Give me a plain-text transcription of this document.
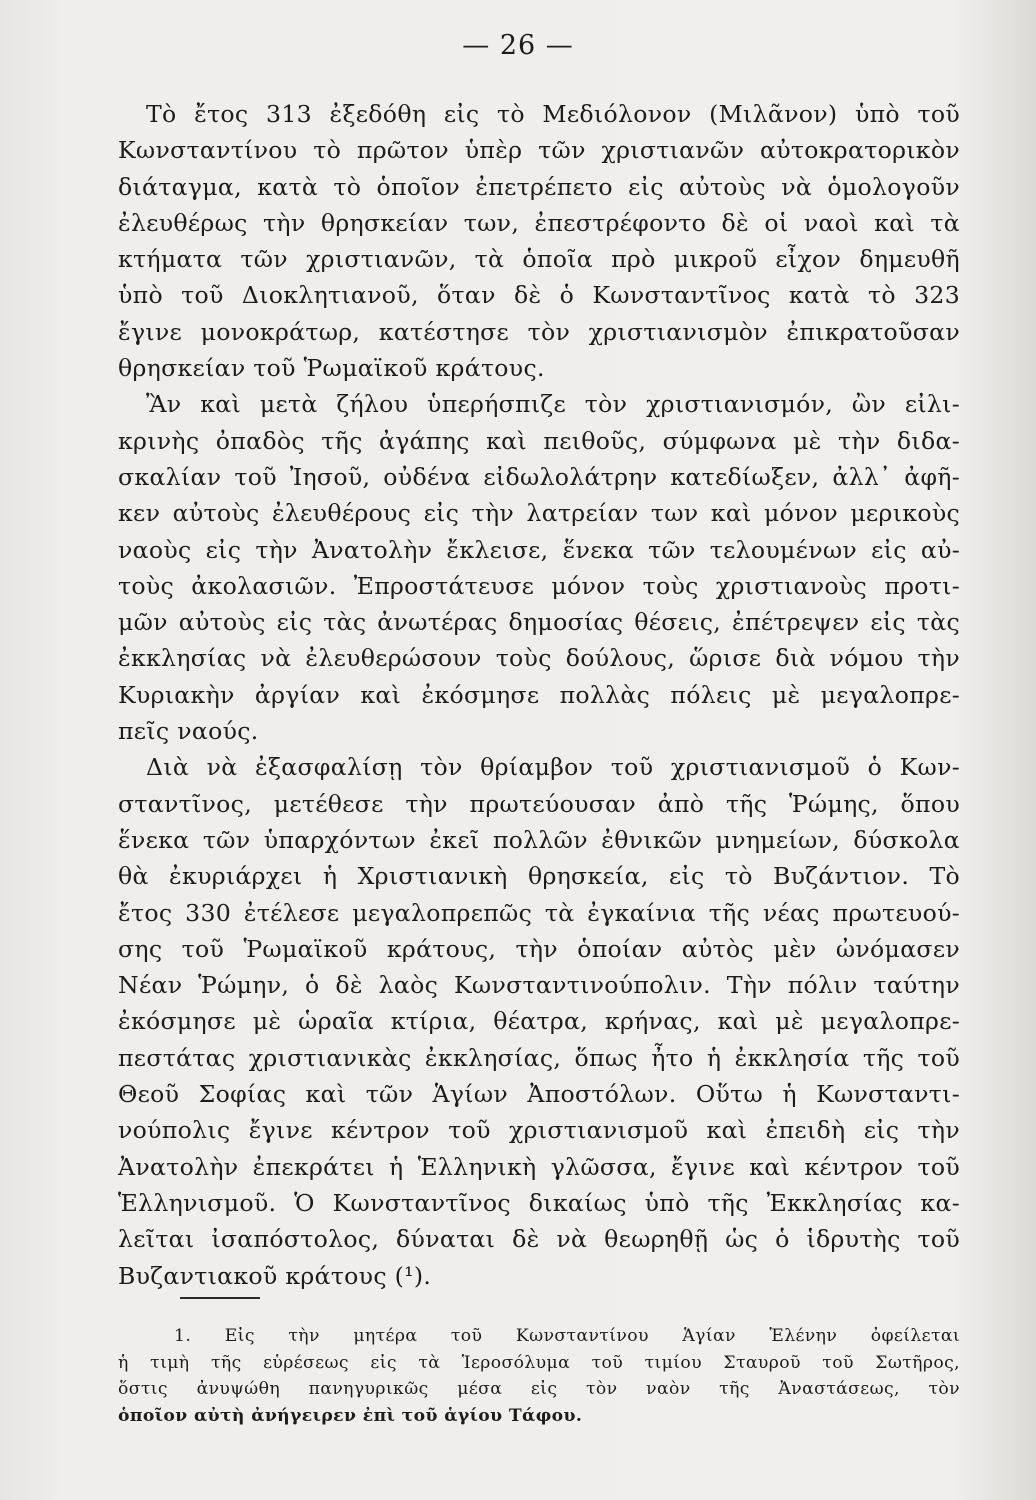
— 26 —
Τὸ ἔτος 313 ἐξεδόθη εἰς τὸ Μεδιόλονον (Μιλᾶνον) ὑπὸ τοῦ
Κωνσταντίνου τὸ πρῶτον ὑπὲρ τῶν χριστιανῶν αὐτοκρατορικὸν
διάταγμα, κατὰ τὸ ὁποῖον ἐπετρέπετο εἰς αὐτοὺς νὰ ὁμολογοῦν
ἐλευθέρως τὴν θρησκείαν των, ἐπεστρέφοντο δὲ οἱ ναοὶ καὶ τὰ
κτήματα τῶν χριστιανῶν, τὰ ὁποῖα πρὸ μικροῦ εἶχον δημευθῆ
ὑπὸ τοῦ Διοκλητιανοῦ, ὅταν δὲ ὁ Κωνσταντῖνος κατὰ τὸ 323
ἔγινε μονοκράτωρ, κατέστησε τὸν χριστιανισμὸν ἐπικρατοῦσαν
θρησκείαν τοῦ Ῥωμαϊκοῦ κράτους.
Ἂν καὶ μετὰ ζήλου ὑπερήσπιζε τὸν χριστιανισμόν, ὢν εἰλι-
κρινὴς ὀπαδὸς τῆς ἀγάπης καὶ πειθοῦς, σύμφωνα μὲ τὴν διδα-
σκαλίαν τοῦ Ἰησοῦ, οὐδένα εἰδωλολάτρην κατεδίωξεν, ἀλλ᾽ ἀφῆ-
κεν αὐτοὺς ἐλευθέρους εἰς τὴν λατρείαν των καὶ μόνον μερικοὺς
ναοὺς εἰς τὴν Ἀνατολὴν ἔκλεισε, ἕνεκα τῶν τελουμένων εἰς αὐ-
τοὺς ἀκολασιῶν. Ἐπροστάτευσε μόνον τοὺς χριστιανοὺς προτι-
μῶν αὐτοὺς εἰς τὰς ἀνωτέρας δημοσίας θέσεις, ἐπέτρεψεν εἰς τὰς
ἐκκλησίας νὰ ἐλευθερώσουν τοὺς δούλους, ὥρισε διὰ νόμου τὴν
Κυριακὴν ἀργίαν καὶ ἐκόσμησε πολλὰς πόλεις μὲ μεγαλοπρε-
πεῖς ναούς.
Διὰ νὰ ἐξασφαλίσῃ τὸν θρίαμβον τοῦ χριστιανισμοῦ ὁ Κων-
σταντῖνος, μετέθεσε τὴν πρωτεύουσαν ἀπὸ τῆς Ῥώμης, ὅπου
ἕνεκα τῶν ὑπαρχόντων ἐκεῖ πολλῶν ἐθνικῶν μνημείων, δύσκολα
θὰ ἐκυριάρχει ἡ Χριστιανικὴ θρησκεία, εἰς τὸ Βυζάντιον. Τὸ
ἔτος 330 ἐτέλεσε μεγαλοπρεπῶς τὰ ἐγκαίνια τῆς νέας πρωτευού-
σης τοῦ Ῥωμαϊκοῦ κράτους, τὴν ὁποίαν αὐτὸς μὲν ὠνόμασεν
Νέαν Ῥώμην, ὁ δὲ λαὸς Κωνσταντινούπολιν. Τὴν πόλιν ταύτην
ἐκόσμησε μὲ ὡραῖα κτίρια, θέατρα, κρήνας, καὶ μὲ μεγαλοπρε-
πεστάτας χριστιανικὰς ἐκκλησίας, ὅπως ἦτο ἡ ἐκκλησία τῆς τοῦ
Θεοῦ Σοφίας καὶ τῶν Ἁγίων Ἀποστόλων. Οὕτω ἡ Κωνσταντι-
νούπολις ἔγινε κέντρον τοῦ χριστιανισμοῦ καὶ ἐπειδὴ εἰς τὴν
Ἀνατολὴν ἐπεκράτει ἡ Ἑλληνικὴ γλῶσσα, ἔγινε καὶ κέντρον τοῦ
Ἑλληνισμοῦ. Ὁ Κωνσταντῖνος δικαίως ὑπὸ τῆς Ἐκκλησίας κα-
λεῖται ἰσαπόστολος, δύναται δὲ νὰ θεωρηθῇ ὡς ὁ ἱδρυτὴς τοῦ
Βυζαντιακοῦ κράτους (¹).
1. Εἰς τὴν μητέρα τοῦ Κωνσταντίνου Ἁγίαν Ἑλένην ὀφείλεται
ἡ τιμὴ τῆς εὑρέσεως εἰς τὰ Ἱεροσόλυμα τοῦ τιμίου Σταυροῦ τοῦ Σωτῆρος,
ὅστις ἀνυψώθη πανηγυρικῶς μέσα εἰς τὸν ναὸν τῆς Ἀναστάσεως, τὸν
ὁποῖον αὐτὴ ἀνήγειρεν ἐπὶ τοῦ ἁγίου Τάφου.
